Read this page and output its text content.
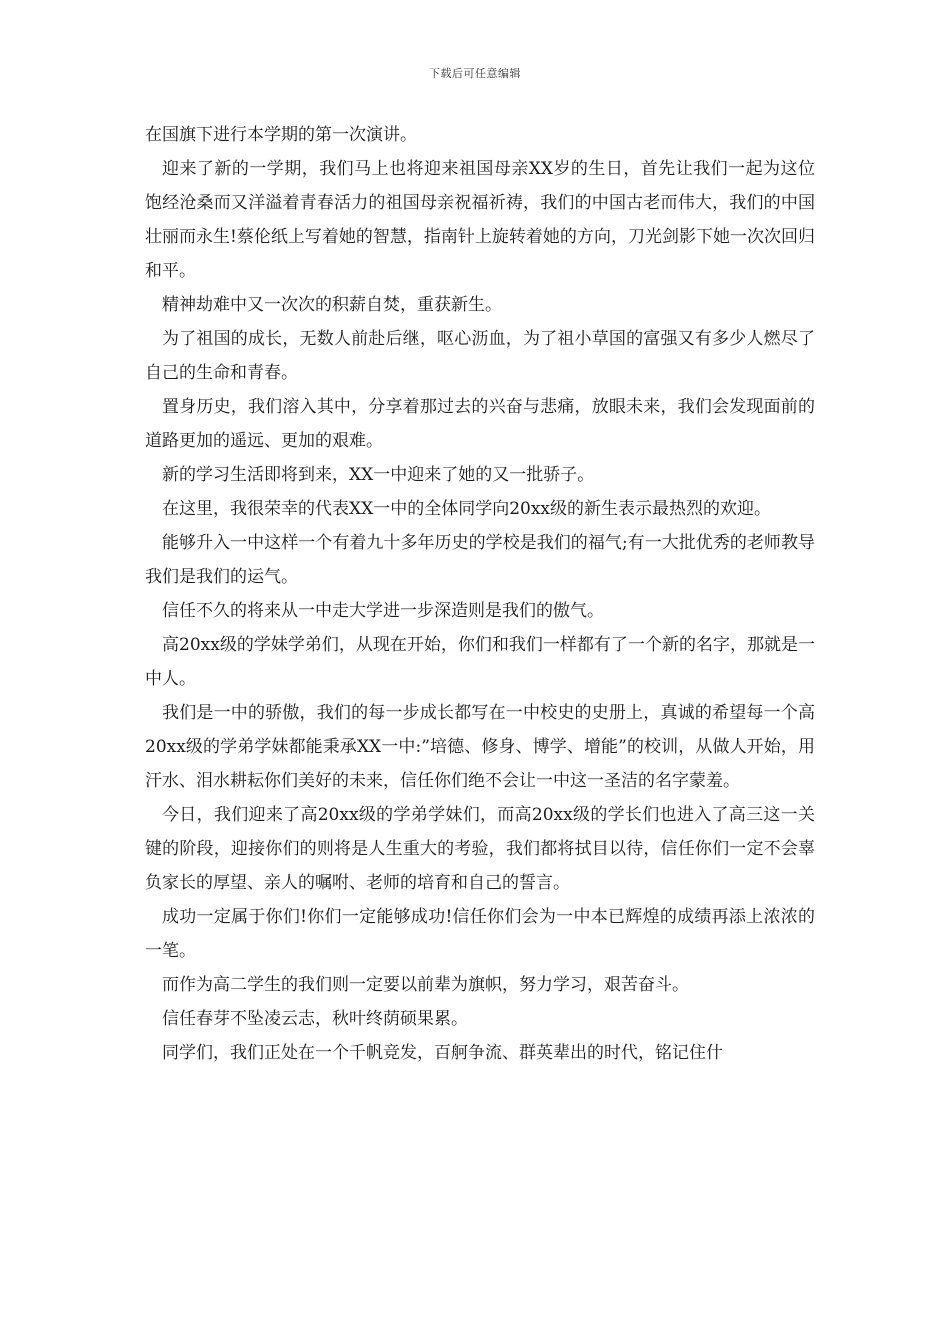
下载后可任意编辑

在国旗下进行本学期的第一次演讲。

迎来了新的一学期，我们马上也将迎来祖国母亲XX岁的生日，首先让我们一起为这位饱经沧桑而又洋溢着青春活力的祖国母亲祝福祈祷，我们的中国古老而伟大，我们的中国壮丽而永生!蔡伦纸上写着她的智慧，指南针上旋转着她的方向，刀光剑影下她一次次回归和平。

精神劫难中又一次次的积薪自焚，重获新生。

为了祖国的成长，无数人前赴后继，呕心沥血，为了祖小草国的富强又有多少人燃尽了自己的生命和青春。

置身历史，我们溶入其中，分享着那过去的兴奋与悲痛，放眼未来，我们会发现面前的道路更加的遥远、更加的艰难。

新的学习生活即将到来，XX一中迎来了她的又一批骄子。

在这里，我很荣幸的代表XX一中的全体同学向20xx级的新生表示最热烈的欢迎。

能够升入一中这样一个有着九十多年历史的学校是我们的福气;有一大批优秀的老师教导我们是我们的运气。

信任不久的将来从一中走大学进一步深造则是我们的傲气。

高20xx级的学妹学弟们，从现在开始，你们和我们一样都有了一个新的名字，那就是一中人。

我们是一中的骄傲，我们的每一步成长都写在一中校史的史册上，真诚的希望每一个高20xx级的学弟学妹都能秉承XX一中:”培德、修身、博学、增能”的校训，从做人开始，用汗水、泪水耕耘你们美好的未来，信任你们绝不会让一中这一圣洁的名字蒙羞。

今日，我们迎来了高20xx级的学弟学妹们，而高20xx级的学长们也进入了高三这一关键的阶段，迎接你们的则将是人生重大的考验，我们都将拭目以待，信任你们一定不会辜负家长的厚望、亲人的嘱咐、老师的培育和自己的誓言。

成功一定属于你们!你们一定能够成功!信任你们会为一中本已辉煌的成绩再添上浓浓的一笔。

而作为高二学生的我们则一定要以前辈为旗帜，努力学习，艰苦奋斗。

信任春芽不坠凌云志，秋叶终荫硕果累。

同学们，我们正处在一个千帆竞发，百舸争流、群英辈出的时代，铭记住什
